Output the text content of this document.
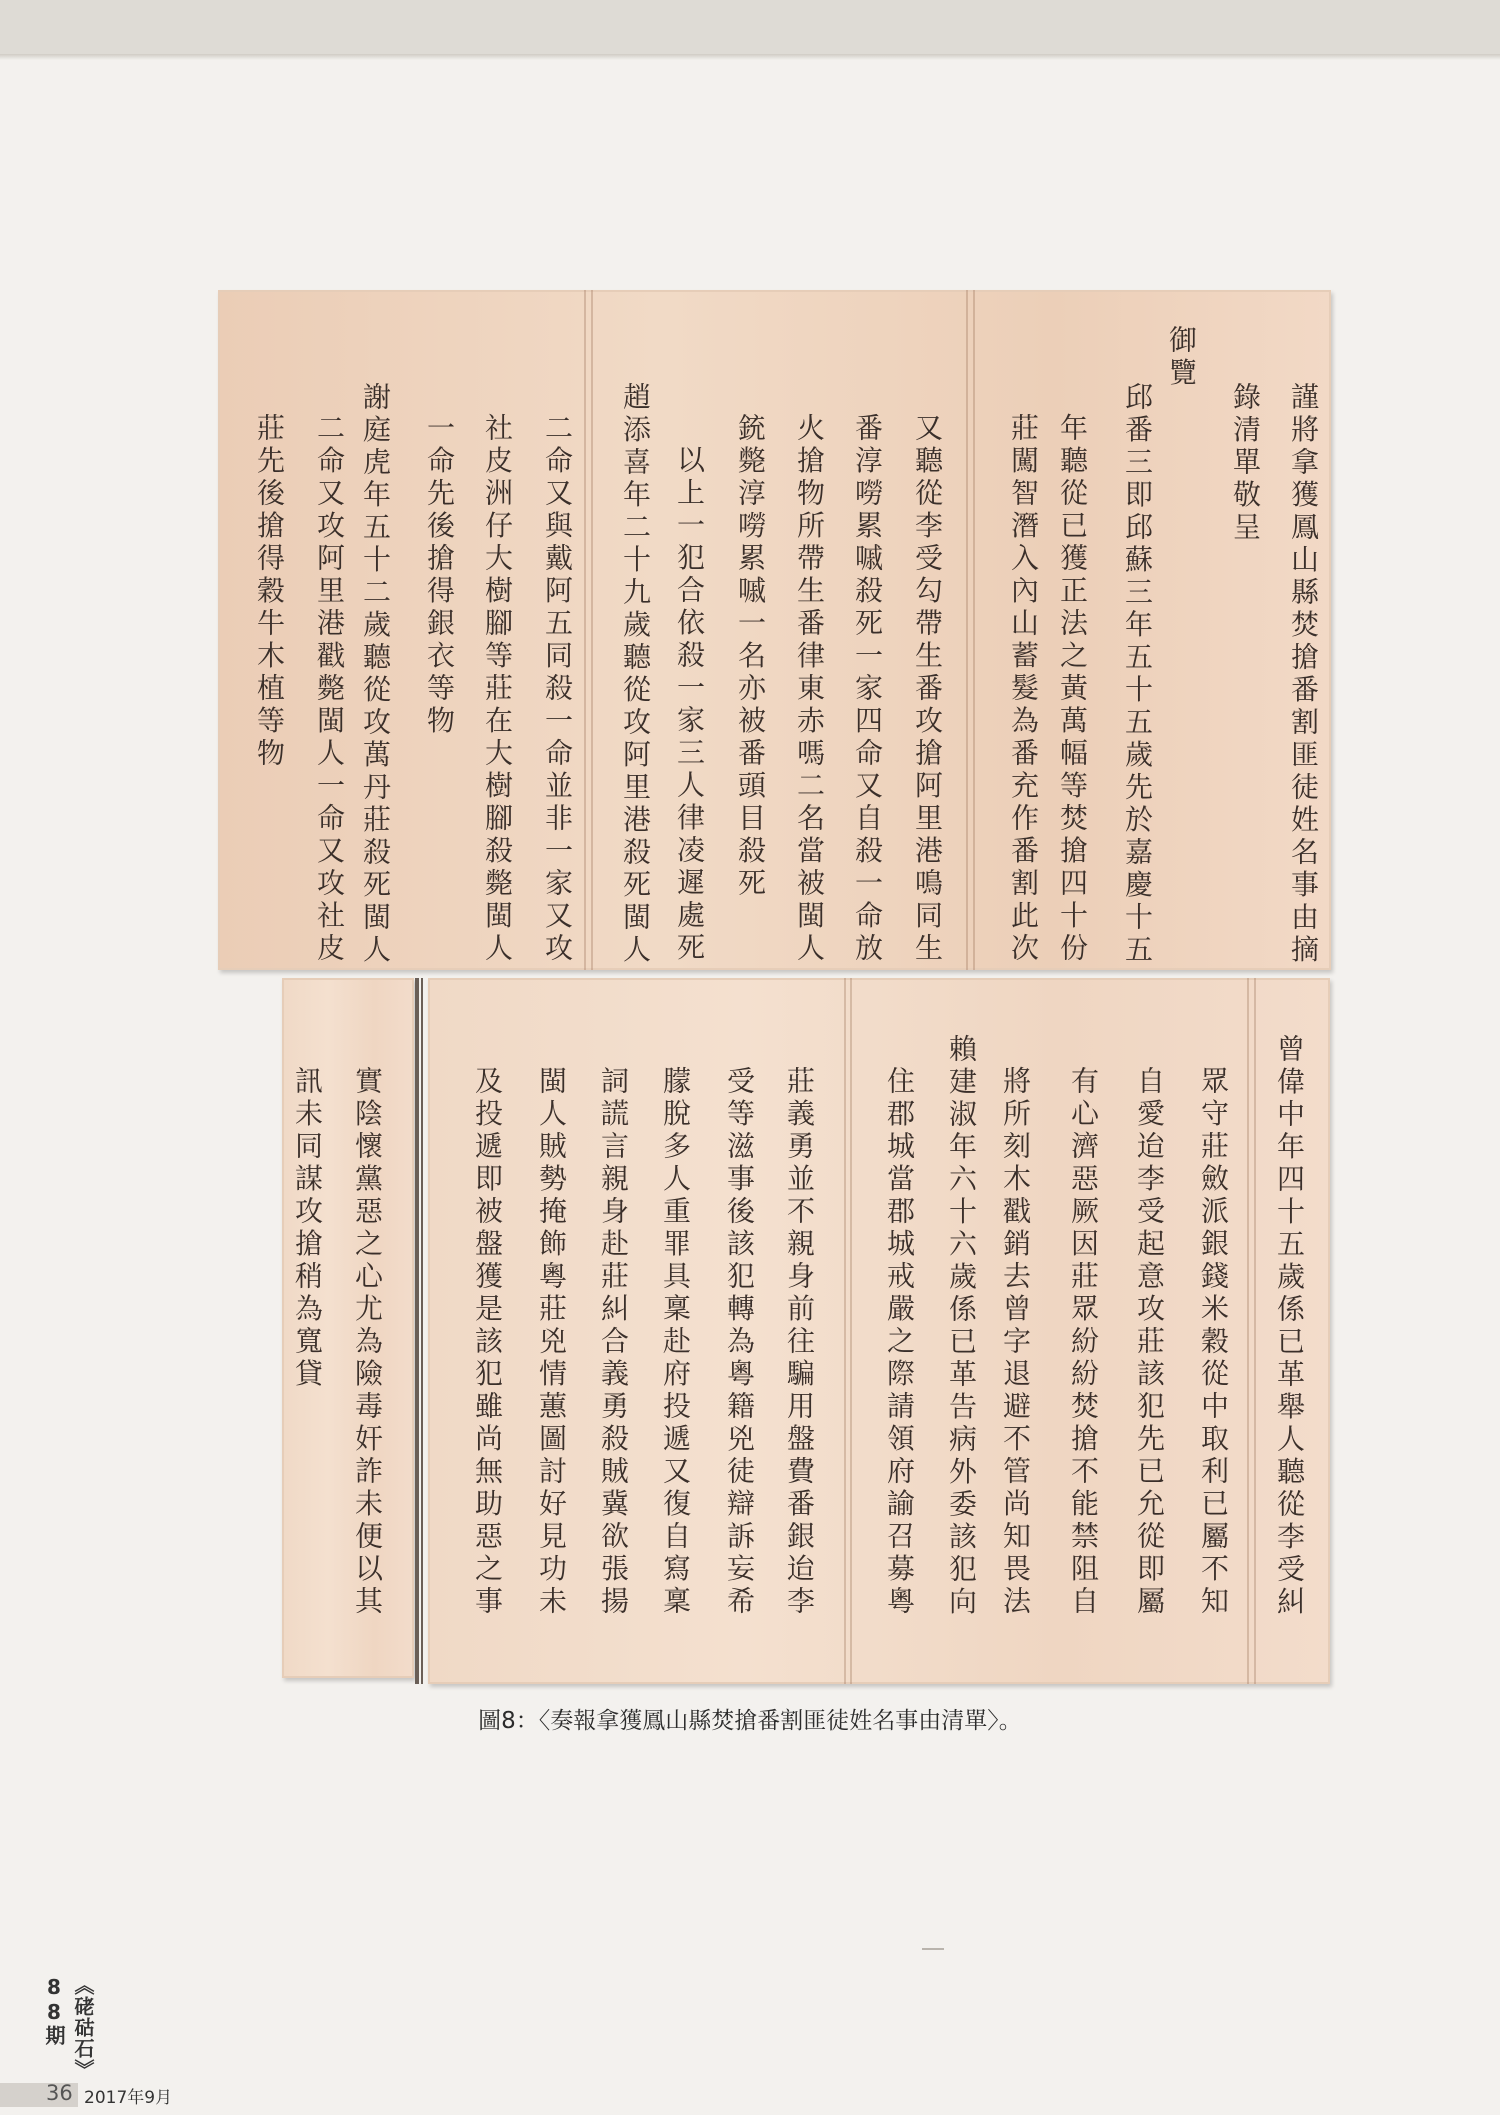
謹將拿獲鳳山縣焚搶番割匪徒姓名事由摘
錄清單敬呈
御覽
邱番三即邱蘇三年五十五歲先於嘉慶十五
年聽從已獲正法之黃萬幅等焚搶四十份
莊闖智潛入內山蓄髮為番充作番割此次
又聽從李受勾帶生番攻搶阿里港鳴同生
番淳嘮累嘁殺死一家四命又自殺一命放
火搶物所帶生番律東赤嗎二名當被閩人
銃斃淳嘮累嘁一名亦被番頭目殺死
以上一犯合依殺一家三人律凌遲處死
趙添喜年二十九歲聽從攻阿里港殺死閩人
二命又與戴阿五同殺一命並非一家又攻
社皮洲仔大樹腳等莊在大樹腳殺斃閩人
一命先後搶得銀衣等物
謝庭虎年五十二歲聽從攻萬丹莊殺死閩人
二命又攻阿里港戳斃閩人一命又攻社皮
莊先後搶得穀牛木植等物
曾偉中年四十五歲係已革舉人聽從李受糾
眾守莊斂派銀錢米穀從中取利已屬不知
自愛迨李受起意攻莊該犯先已允從即屬
有心濟惡厥因莊眾紛紛焚搶不能禁阻自
將所刻木戳銷去曾字退避不管尚知畏法
賴建淑年六十六歲係已革告病外委該犯向
住郡城當郡城戒嚴之際請領府諭召募粵
莊義勇並不親身前往騙用盤費番銀迨李
受等滋事後該犯轉為粵籍兇徒辯訴妄希
朦脫多人重罪具稟赴府投遞又復自寫稟
詞謊言親身赴莊糾合義勇殺賊冀欲張揚
閩人賊勢掩飾粵莊兇情蕙圖討好見功未
及投遞即被盤獲是該犯雖尚無助惡之事
實陰懷黨惡之心尤為險毒奸詐未便以其
訊未同謀攻搶稍為寬貸
圖8：〈奏報拿獲鳳山縣焚搶番割匪徒姓名事由清單〉。
《硓𥑮石》88期
36 2017年9月
